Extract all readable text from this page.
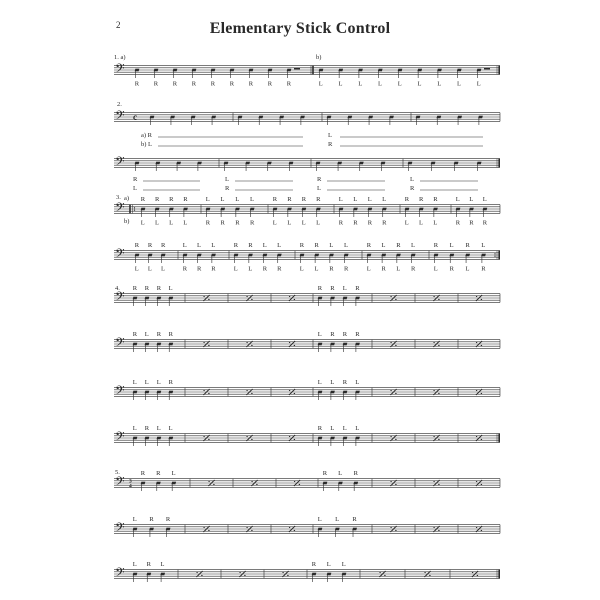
2	Elementary Stick Control
𝄢
1. a)
R R R R R R R R R
b)
L L L L L L L L L
𝄢
2.
c
a) R
b) L
L
R
𝄢
R
L
L
R
R
L
L
R
𝄢
3. a)
b)
R
L
R
L
R
L
R
L
L
R
L
R
L
R
L
R
R
L
R
L
R
L
R
L
L
R
L
R
L
R
L
R
R
L
R
L
R
L
L
R
L
R
L
R
𝄢
R
L
R
L
R
L
L
R
L
R
L
R
R
L
R
L
L
R
L
R
R
L
R
L
L
R
L
R
R
L
L
R
R
L
L
R
R
L
L
R
R
L
L
R
𝄢
4. R R R L	R R L R
𝄢
R L R R	L R R R
𝄢
L L L R	L L R L
𝄢
L R L L	R L L L
𝄢
5.
3
4
R R L	R L R
𝄢
L R R	L L R
𝄢
L R L	R L L
